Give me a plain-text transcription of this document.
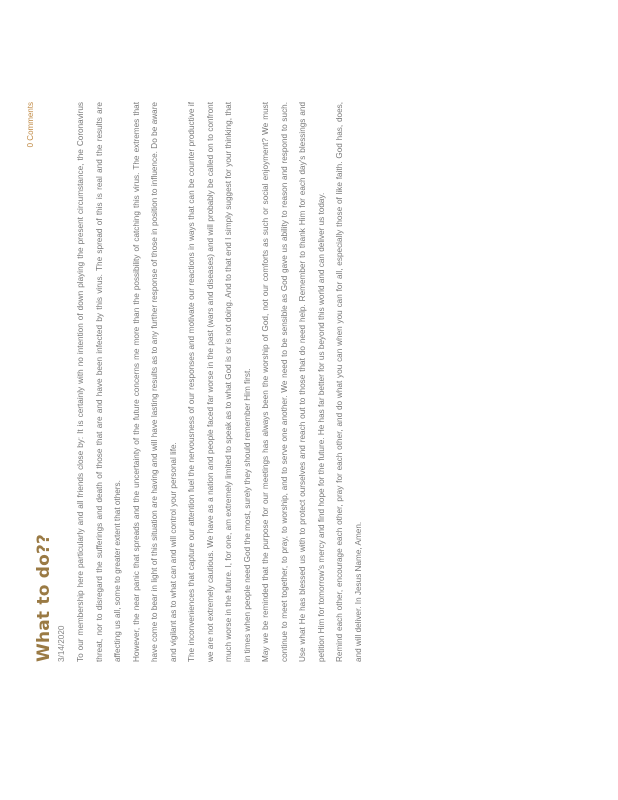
What to do??
0 Comments
3/14/2020	To our membership here particularly and all friends close by: It is certainly with no intention of down playing the present circumstance, the Coronavirus threat, nor to disregard the sufferings and death of those that are and have been infected by this virus. The spread of this is real and the results are affecting us all, some to greater extent that others.	However, the near panic that spreads and the uncertainty of the future concerns me more than the possibility of catching this virus. The extremes that have come to bear in light of this situation are having and will have lasting results as to any further response of those in position to influence. Do be aware and vigilant as to what can and will control your personal life.	The inconveniences that capture our attention fuel the nervousness of our responses and motivate our reactions in ways that can be counter productive if we are not extremely cautious. We have as a nation and people faced far worse in the past (wars and diseases) and will probably be called on to confront much worse in the future. I, for one, am extremely limited to speak as to what God is or is not doing. And to that end I simply suggest for your thinking, that in times when people need God the most, surely they should remember Him first.	May we be reminded that the purpose for our meetings has always been the worship of God, not our comforts as such or social enjoyment? We must continue to meet together, to pray, to worship, and to serve one another. We need to be sensible as God gave us ability to reason and respond to such. Use what He has blessed us with to protect ourselves and reach out to those that do need help. Remember to thank Him for each day's blessings and petition Him for tomorrow's mercy and find hope for the future. He has far better for us beyond this world and can deliver us today.	Remind each other, encourage each other, pray for each other, and do what you can when you can for all, especially those of like faith. God has, does, and will deliver. In Jesus Name, Amen.
